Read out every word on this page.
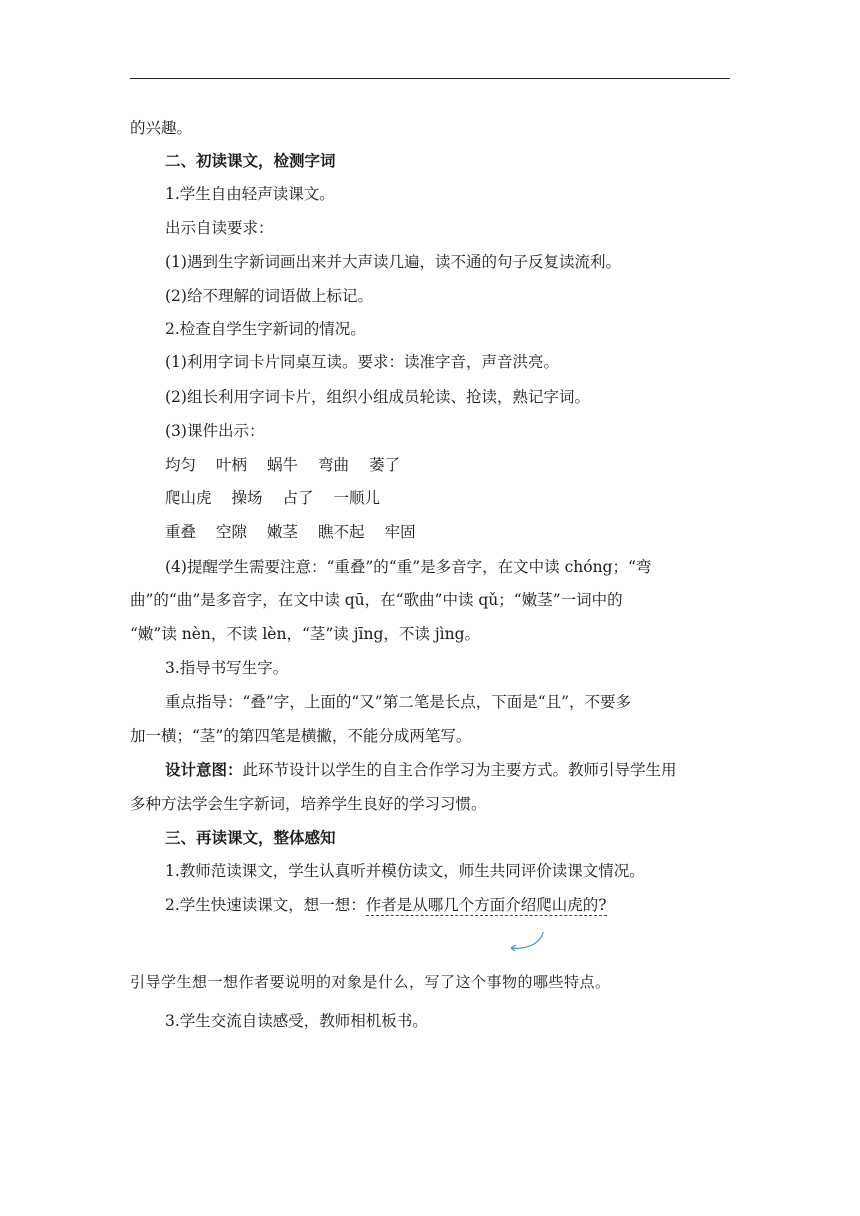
的兴趣。
二、初读课文，检测字词
1.学生自由轻声读课文。
出示自读要求：
(1)遇到生字新词画出来并大声读几遍，读不通的句子反复读流利。
(2)给不理解的词语做上标记。
2.检查自学生字新词的情况。
(1)利用字词卡片同桌互读。要求：读准字音，声音洪亮。
(2)组长利用字词卡片，组织小组成员轮读、抢读，熟记字词。
(3)课件出示：
均匀 叶柄 蜗牛 弯曲 萎了
爬山虎 操场 占了 一顺儿
重叠 空隙 嫩茎 瞧不起 牢固
(4)提醒学生需要注意：“重叠”的“重”是多音字，在文中读 chóng；“弯
曲”的“曲”是多音字，在文中读 qū，在“歌曲”中读 qǔ；“嫩茎”一词中的
“嫩”读 nèn，不读 lèn，“茎”读 jīng，不读 jìng。
3.指导书写生字。
重点指导：“叠”字，上面的“又”第二笔是长点，下面是“且”，不要多
加一横；“茎”的第四笔是横撇，不能分成两笔写。
设计意图：此环节设计以学生的自主合作学习为主要方式。教师引导学生用
多种方法学会生字新词，培养学生良好的学习习惯。
三、再读课文，整体感知
1.教师范读课文，学生认真听并模仿读文，师生共同评价读课文情况。
2.学生快速读课文，想一想：作者是从哪几个方面介绍爬山虎的?
引导学生想一想作者要说明的对象是什么，写了这个事物的哪些特点。
3.学生交流自读感受，教师相机板书。
